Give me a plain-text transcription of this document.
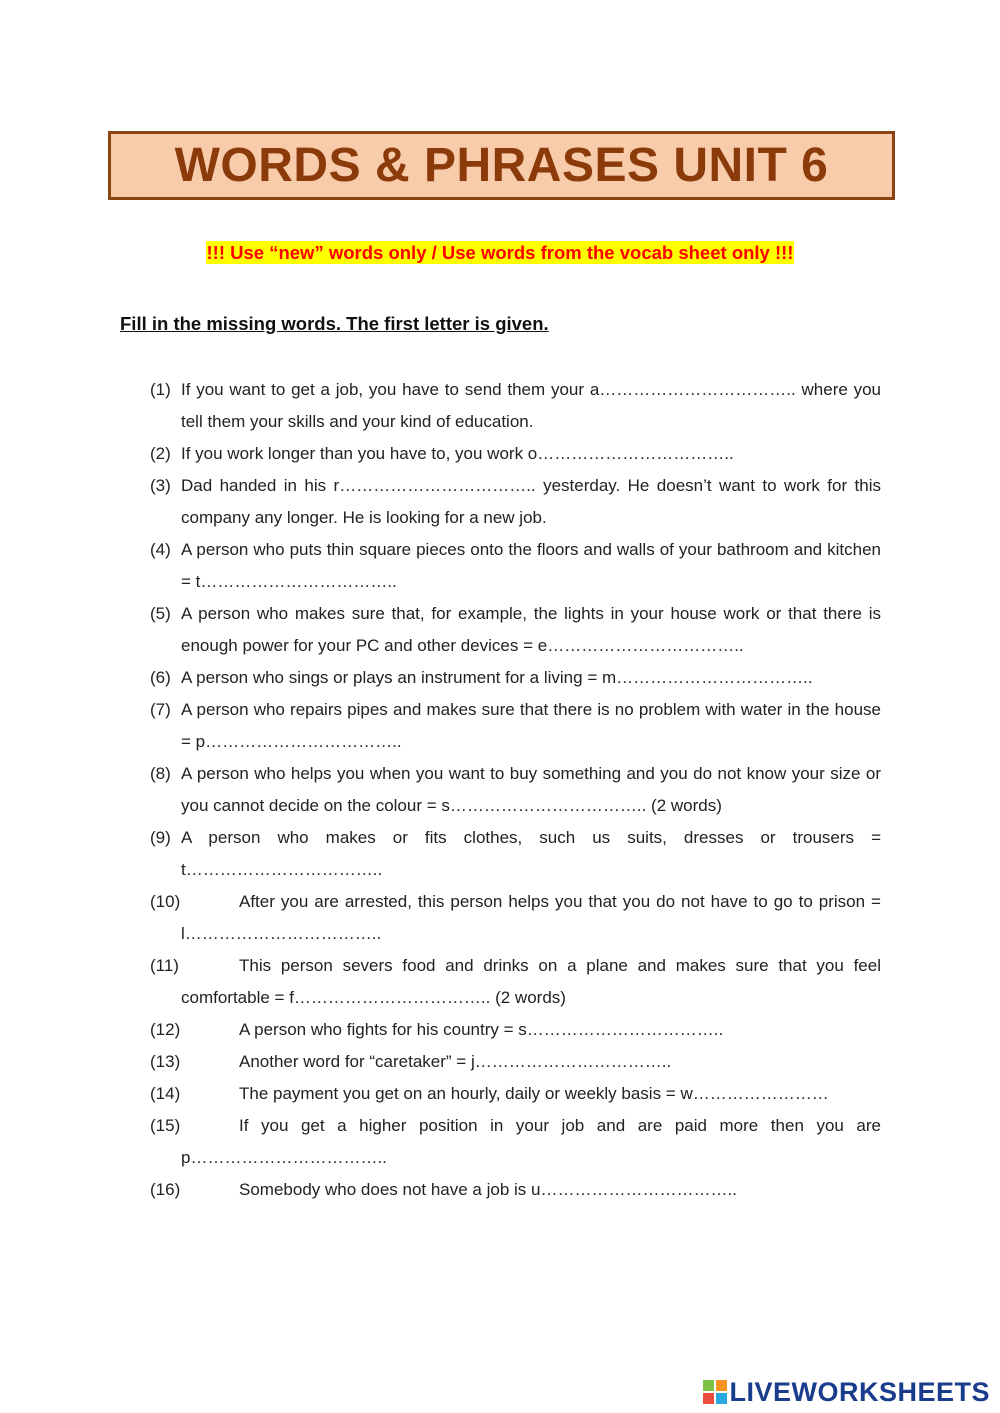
WORDS & PHRASES UNIT 6
!!! Use “new” words only / Use words from the vocab sheet only !!!
Fill in the missing words. The first letter is given.
(1) If you want to get a job, you have to send them your a…………………………….. where you tell them your skills and your kind of education.
(2) If you work longer than you have to, you work o……………………………..
(3) Dad handed in his r…………………………….. yesterday. He doesn’t want to work for this company any longer. He is looking for a new job.
(4) A person who puts thin square pieces onto the floors and walls of your bathroom and kitchen = t……………………………..
(5) A person who makes sure that, for example, the lights in your house work or that there is enough power for your PC and other devices = e……………………………..
(6) A person who sings or plays an instrument for a living = m……………………………..
(7) A person who repairs pipes and makes sure that there is no problem with water in the house = p……………………………..
(8) A person who helps you when you want to buy something and you do not know your size or you cannot decide on the colour = s…………………………….. (2 words)
(9) A person who makes or fits clothes, such us suits, dresses or trousers = t……………………………..
(10)	After you are arrested, this person helps you that you do not have to go to prison = l……………………………..
(11)	This person severs food and drinks on a plane and makes sure that you feel comfortable = f…………………………….. (2 words)
(12)	A person who fights for his country = s……………………………..
(13)	Another word for “caretaker” = j……………………………..
(14)	The payment you get on an hourly, daily or weekly basis = w……………………
(15)	If you get a higher position in your job and are paid more then you are p……………………………..
(16)	Somebody who does not have a job is u……………………………..
LIVEWORKSHEETS
